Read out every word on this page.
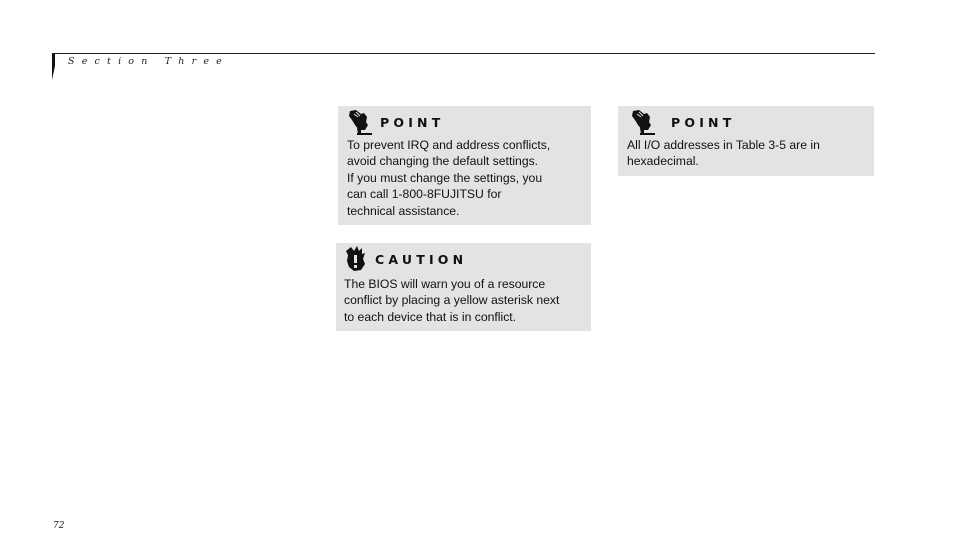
Section Three
POINT
To prevent IRQ and address conflicts,
avoid changing the default settings.
If you must change the settings, you
can call 1-800-8FUJITSU for
technical assistance.
CAUTION
The BIOS will warn you of a resource
conflict by placing a yellow asterisk next
to each device that is in conflict.
POINT
All I/O addresses in Table 3-5 are in
hexadecimal.
72
